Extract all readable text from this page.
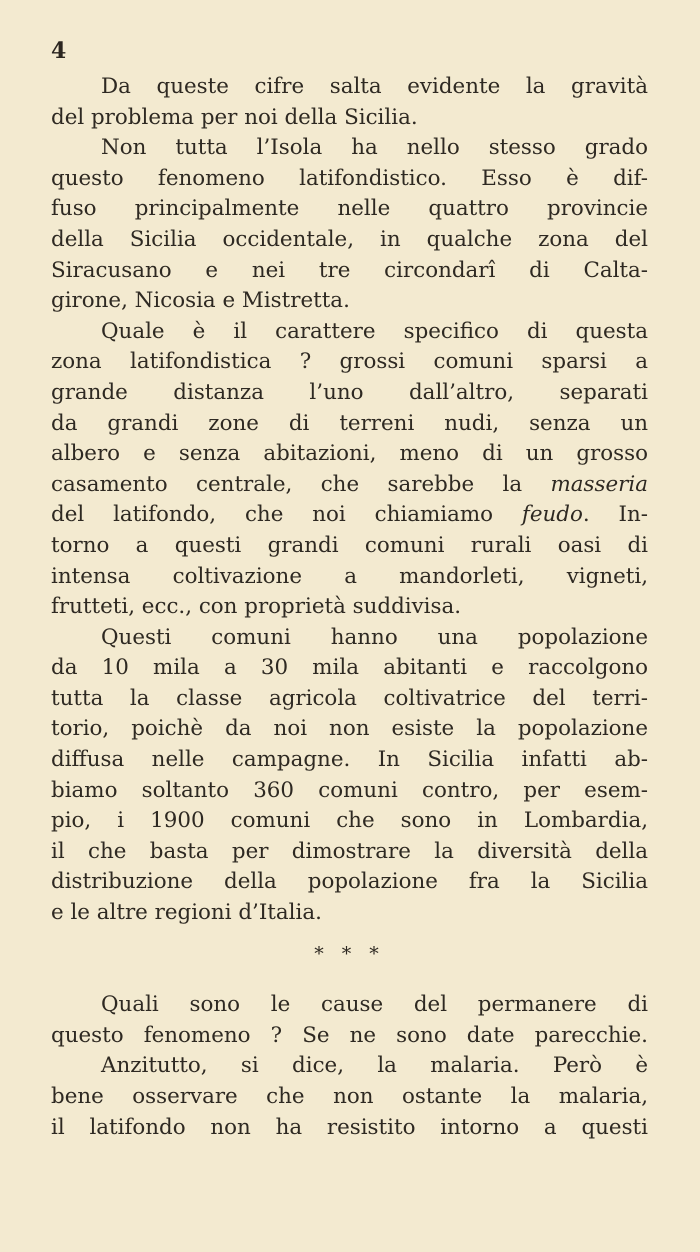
4
Da queste cifre salta evidente la gravità
del problema per noi della Sicilia.
Non tutta l’Isola ha nello stesso grado
questo fenomeno latifondistico. Esso è dif-
fuso principalmente nelle quattro provincie
della Sicilia occidentale, in qualche zona del
Siracusano e nei tre circondarî di Calta-
girone, Nicosia e Mistretta.
Quale è il carattere specifico di questa
zona latifondistica ? grossi comuni sparsi a
grande distanza l’uno dall’altro, separati
da grandi zone di terreni nudi, senza un
albero e senza abitazioni, meno di un grosso
casamento centrale, che sarebbe la masseria
del latifondo, che noi chiamiamo feudo. In-
torno a questi grandi comuni rurali oasi di
intensa coltivazione a mandorleti, vigneti,
frutteti, ecc., con proprietà suddivisa.
Questi comuni hanno una popolazione
da 10 mila a 30 mila abitanti e raccolgono
tutta la classe agricola coltivatrice del terri-
torio, poichè da noi non esiste la popolazione
diffusa nelle campagne. In Sicilia infatti ab-
biamo soltanto 360 comuni contro, per esem-
pio, i 1900 comuni che sono in Lombardia,
il che basta per dimostrare la diversità della
distribuzione della popolazione fra la Sicilia
e le altre regioni d’Italia.
* * *
Quali sono le cause del permanere di
questo fenomeno ? Se ne sono date parecchie.
Anzitutto, si dice, la malaria. Però è
bene osservare che non ostante la malaria,
il latifondo non ha resistito intorno a questi
